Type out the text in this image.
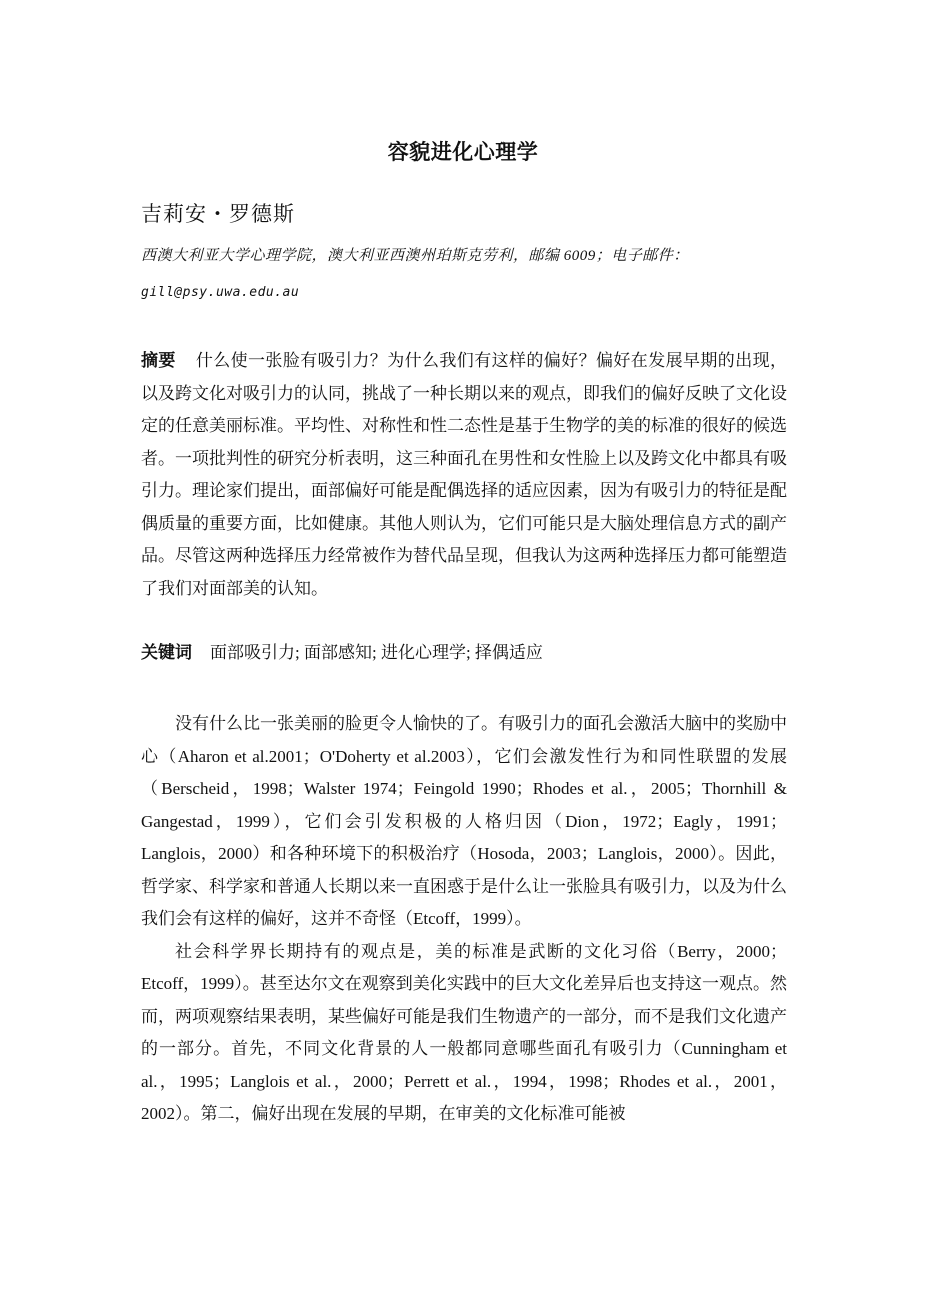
容貌进化心理学
吉莉安・罗德斯
西澳大利亚大学心理学院，澳大利亚西澳州珀斯克劳利，邮编 6009；电子邮件：
gill@psy.uwa.edu.au
摘要 什么使一张脸有吸引力？为什么我们有这样的偏好？偏好在发展早期的出现，以及跨文化对吸引力的认同，挑战了一种长期以来的观点，即我们的偏好反映了文化设定的任意美丽标准。平均性、对称性和性二态性是基于生物学的美的标准的很好的候选者。一项批判性的研究分析表明，这三种面孔在男性和女性脸上以及跨文化中都具有吸引力。理论家们提出，面部偏好可能是配偶选择的适应因素，因为有吸引力的特征是配偶质量的重要方面，比如健康。其他人则认为，它们可能只是大脑处理信息方式的副产品。尽管这两种选择压力经常被作为替代品呈现，但我认为这两种选择压力都可能塑造了我们对面部美的认知。
关键词 面部吸引力; 面部感知; 进化心理学; 择偶适应

没有什么比一张美丽的脸更令人愉快的了。有吸引力的面孔会激活大脑中的奖励中心（Aharon et al.2001；O'Doherty et al.2003），它们会激发性行为和同性联盟的发展（Berscheid，1998；Walster 1974；Feingold 1990；Rhodes et al.，2005；Thornhill & Gangestad，1999），它们会引发积极的人格归因（Dion，1972；Eagly，1991；Langlois，2000）和各种环境下的积极治疗（Hosoda，2003；Langlois，2000）。因此，哲学家、科学家和普通人长期以来一直困惑于是什么让一张脸具有吸引力，以及为什么我们会有这样的偏好，这并不奇怪（Etcoff，1999）。

社会科学界长期持有的观点是，美的标准是武断的文化习俗（Berry，2000；Etcoff，1999）。甚至达尔文在观察到美化实践中的巨大文化差异后也支持这一观点。然而，两项观察结果表明，某些偏好可能是我们生物遗产的一部分，而不是我们文化遗产的一部分。首先，不同文化背景的人一般都同意哪些面孔有吸引力（Cunningham et al.，1995；Langlois et al.，2000；Perrett et al.，1994，1998；Rhodes et al.，2001，2002）。第二，偏好出现在发展的早期，在审美的文化标准可能被
